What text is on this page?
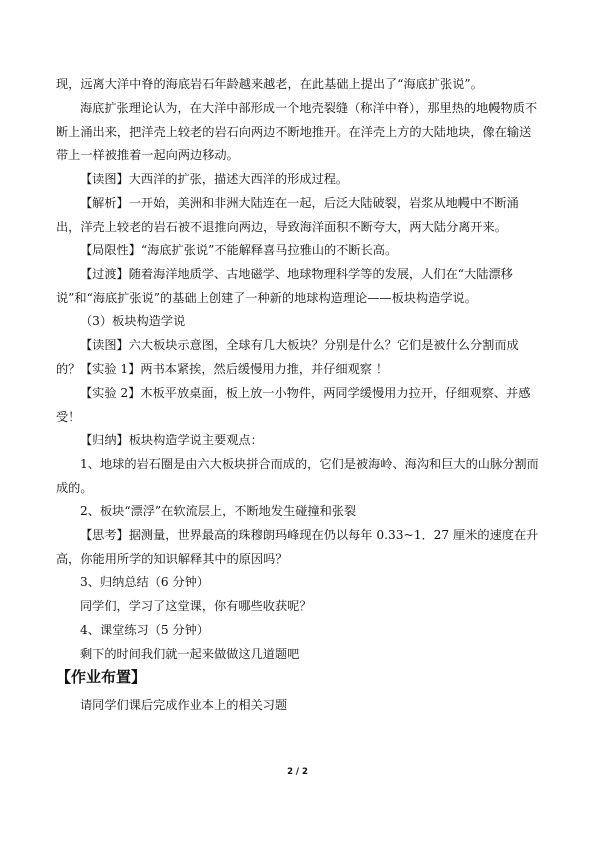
现，远离大洋中脊的海底岩石年龄越来越老，在此基础上提出了“海底扩张说”。

海底扩张理论认为，在大洋中部形成一个地壳裂缝（称洋中脊），那里热的地幔物质不断上涌出来，把洋壳上较老的岩石向两边不断地推开。在洋壳上方的大陆地块，像在输送带上一样被推着一起向两边移动。

【读图】大西洋的扩张，描述大西洋的形成过程。

【解析】一开始，美洲和非洲大陆连在一起，后泛大陆破裂，岩浆从地幔中不断涌出，洋壳上较老的岩石被不退推向两边，导致海洋面积不断夸大，两大陆分离开来。

【局限性】“海底扩张说”不能解释喜马拉雅山的不断长高。

【过渡】随着海洋地质学、古地磁学、地球物理科学等的发展，人们在“大陆漂移说”和“海底扩张说”的基础上创建了一种新的地球构造理论——板块构造学说。

（3）板块构造学说

【读图】六大板块示意图，全球有几大板块？分别是什么？它们是被什么分割而成的？ 【实验 1】两书本紧挨，然后缓慢用力推，并仔细观察 ！

【实验 2】木板平放桌面，板上放一小物件，两同学缓慢用力拉开，仔细观察、并感受！

【归纳】板块构造学说主要观点：

1、地球的岩石圈是由六大板块拼合而成的，它们是被海岭、海沟和巨大的山脉分割而成的。

2、板块“漂浮”在软流层上，不断地发生碰撞和张裂

【思考】据测量，世界最高的珠穆朗玛峰现在仍以每年 0.33~1．27 厘米的速度在升高，你能用所学的知识解释其中的原因吗？

3、归纳总结（6 分钟）

同学们，学习了这堂课，你有哪些收获呢？

4、课堂练习（5 分钟）

剩下的时间我们就一起来做做这几道题吧

【作业布置】

请同学们课后完成作业本上的相关习题

2 / 2
